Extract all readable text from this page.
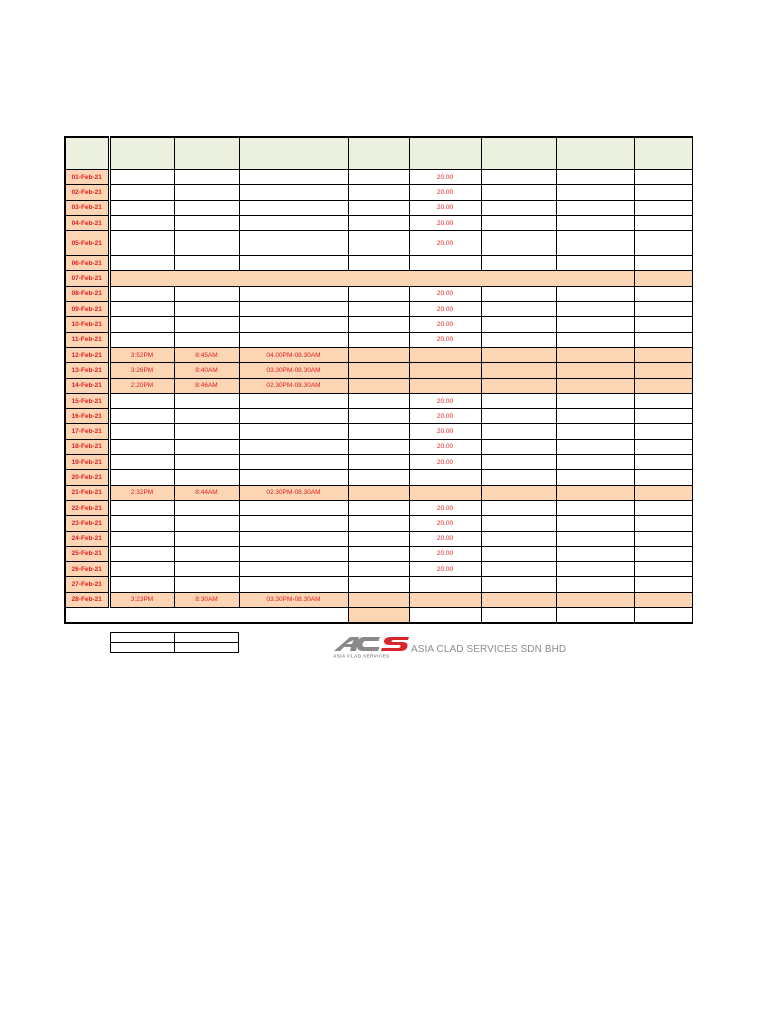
01-Feb-21					20.00			
02-Feb-21					20.00			
03-Feb-21					20.00			
04-Feb-21					20.00			
05-Feb-21					20.00			
06-Feb-21								
07-Feb-21								
08-Feb-21					20.00			
09-Feb-21					20.00			
10-Feb-21					20.00			
11-Feb-21					20.00			
12-Feb-21	3:52PM	8:45AM	04.00PM-08.30AM					
13-Feb-21	3:26PM	8:40AM	03.30PM-08.30AM					
14-Feb-21	2:20PM	8:46AM	02.30PM-08.30AM					
15-Feb-21					20.00			
16-Feb-21					20.00			
17-Feb-21					20.00			
18-Feb-21					20.00			
19-Feb-21					20.00			
20-Feb-21								
21-Feb-21	2:32PM	8:44AM	02.30PM-08.30AM					
22-Feb-21					20.00			
23-Feb-21					20.00			
24-Feb-21					20.00			
25-Feb-21					20.00			
26-Feb-21					20.00			
27-Feb-21								
28-Feb-21	3:23PM	8:30AM	03.30PM-08.30AM					

ASIA CLAD SERVICES
ASIA CLAD SERVICES SDN BHD
